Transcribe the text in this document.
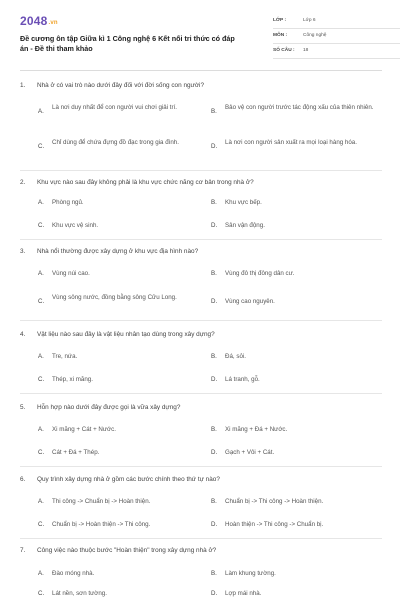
2048.vn
Đề cương ôn tập Giữa kì 1 Công nghệ 6 Kết nối tri thức có đáp án - Đề thi tham khảo
LỚP :	Lớp 6
MÔN :	Công nghệ
SỐ CÂU : 18
1. Nhà ở có vai trò nào dưới đây đối với đời sống con người?
A.
Là nơi duy nhất để con người vui chơi giải trí.
B.
Bảo vệ con người trước tác động xấu của thiên nhiên.
C.
Chỉ dùng để chứa đựng đồ đạc trong gia đình.
D.
Là nơi con người sản xuất ra mọi loại hàng hóa.
2. Khu vực nào sau đây không phải là khu vực chức năng cơ bản trong nhà ở?
A. Phòng ngủ.	B. Khu vực bếp.
C. Khu vực vệ sinh.	D. Sân vận động.
3. Nhà nổi thường được xây dựng ở khu vực địa hình nào?
A. Vùng núi cao.	B. Vùng đô thị đông dân cư.
C.
Vùng sông nước, đồng bằng sông Cửu Long.
D. Vùng cao nguyên.
4. Vật liệu nào sau đây là vật liệu nhân tạo dùng trong xây dựng?
A. Tre, nứa.	B. Đá, sỏi.
C. Thép, xi măng.	D. Lá tranh, gỗ.
5. Hỗn hợp nào dưới đây được gọi là vữa xây dựng?
A. Xi măng + Cát + Nước.	B. Xi măng + Đá + Nước.
C. Cát + Đá + Thép.	D. Gạch + Vôi + Cát.
6. Quy trình xây dựng nhà ở gồm các bước chính theo thứ tự nào?
A. Thi công -> Chuẩn bị -> Hoàn thiện.	B. Chuẩn bị -> Thi công -> Hoàn thiện.
C. Chuẩn bị -> Hoàn thiện -> Thi công.	D. Hoàn thiện -> Thi công -> Chuẩn bị.
7. Công việc nào thuộc bước "Hoàn thiện" trong xây dựng nhà ở?
A. Đào móng nhà.	B. Làm khung tường.
C. Lát nền, sơn tường.	D. Lợp mái nhà.
